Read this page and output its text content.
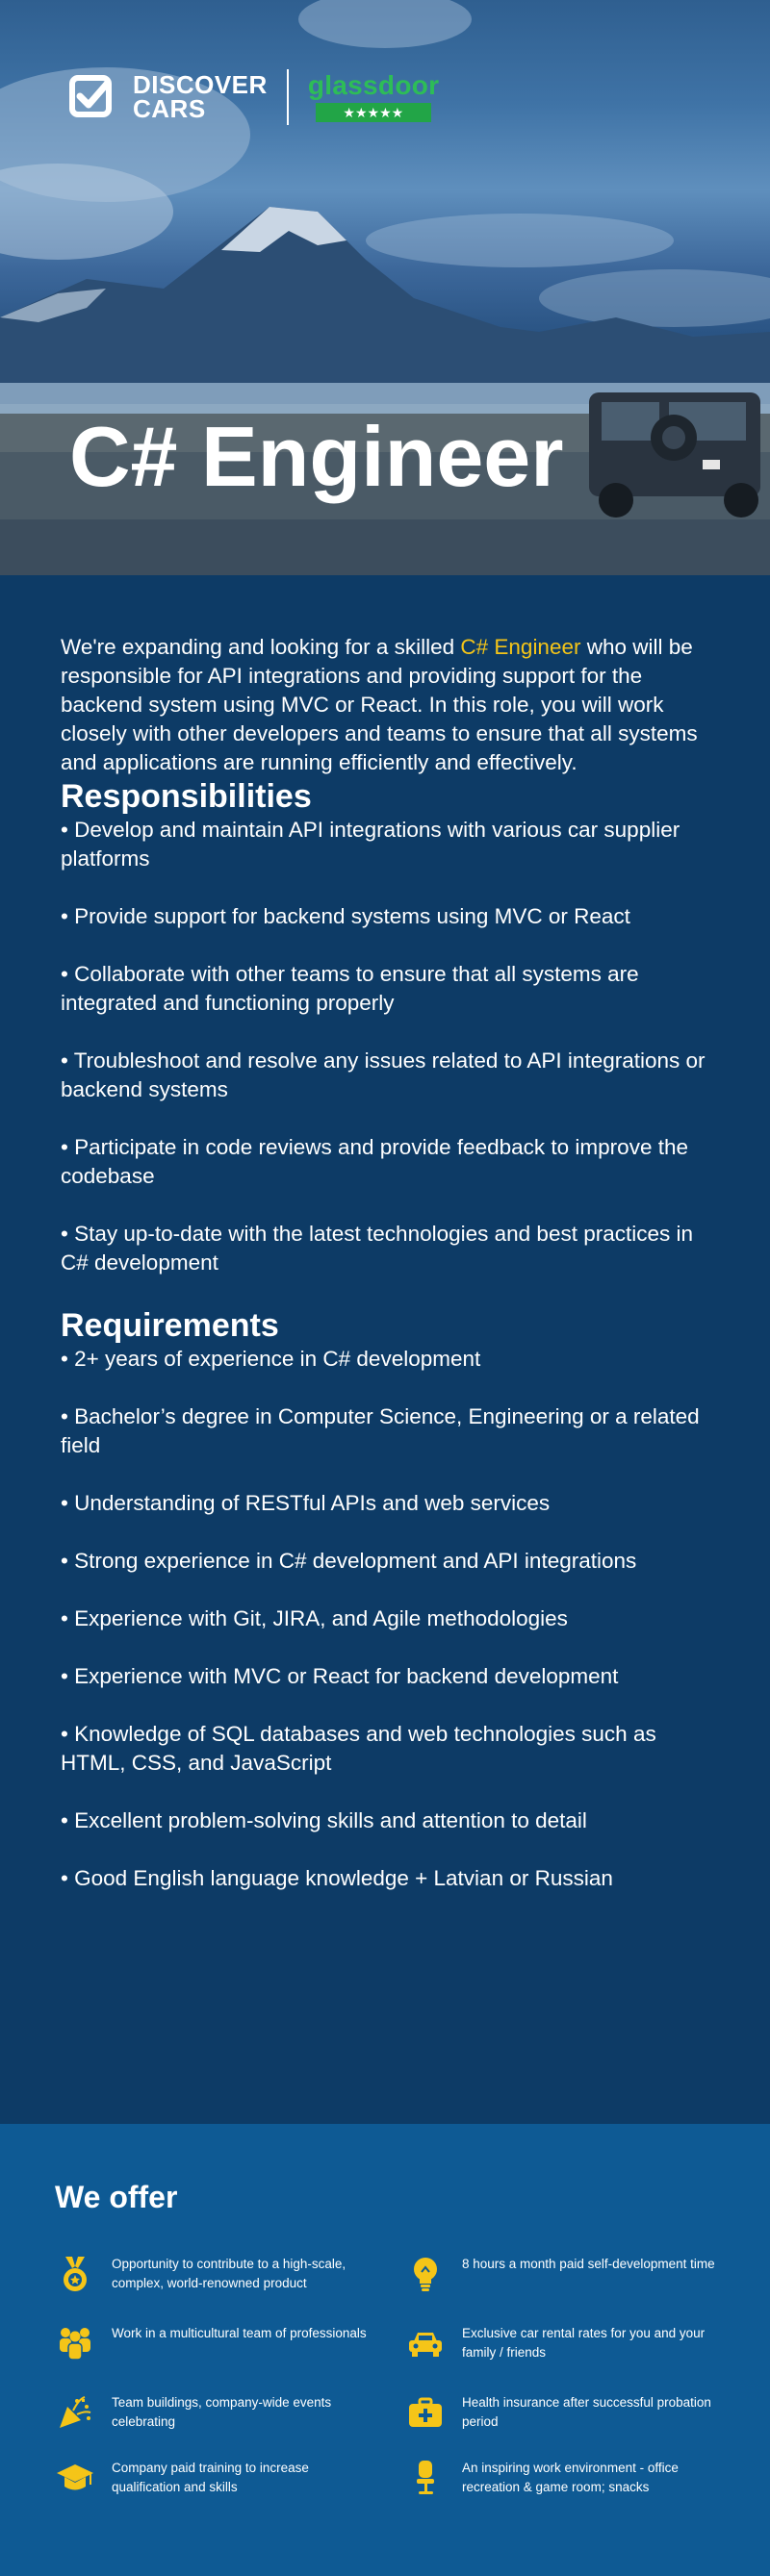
DISCOVER
CARS
glassdoor
★★★★★
C# Engineer

We're expanding and looking for a skilled C# Engineer who will be responsible for API integrations and providing support for the backend system using MVC or React. In this role, you will work closely with other developers and teams to ensure that all systems and applications are running efficiently and effectively.

Responsibilities
• Develop and maintain API integrations with various car supplier platforms
• Provide support for backend systems using MVC or React
• Collaborate with other teams to ensure that all systems are integrated and functioning properly
• Troubleshoot and resolve any issues related to API integrations or backend systems
• Participate in code reviews and provide feedback to improve the codebase
• Stay up-to-date with the latest technologies and best practices in C# development
Requirements
• 2+ years of experience in C# development
• Bachelor’s degree in Computer Science, Engineering or a related field
• Understanding of RESTful APIs and web services
• Strong experience in C# development and API integrations
• Experience with Git, JIRA, and Agile methodologies
• Experience with MVC or React for backend development
• Knowledge of SQL databases and web technologies such as HTML, CSS, and JavaScript
• Excellent problem-solving skills and attention to detail
• Good English language knowledge + Latvian or Russian
We offer
Opportunity to contribute to a high-scale, complex, world-renowned product
8 hours a month paid self-development time
Work in a multicultural team of professionals	Exclusive car rental rates for you and your family / friends
Team buildings, company-wide events celebrating
Health insurance after successful probation period
Company paid training to increase qualification and skills
An inspiring work environment - office recreation & game room; snacks
